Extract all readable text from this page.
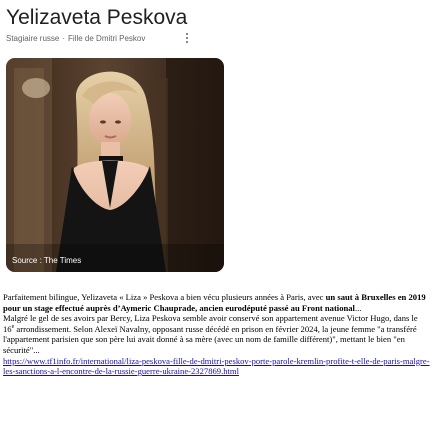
Yelizaveta Peskova
Stagiaire russe · Fille de Dmitri Peskov
Source : The Times

Parfaitement bilingue, Yelizaveta « Liza » Peskova a bien vécu plusieurs années à Paris, avec un saut à Bruxelles en 2019 pour un stage effectué auprès d’Aymeric Chauprade, ancien eurodéputé passé au Front national...

Malgré le gel de ses avoirs par Bercy, Liza Peskova semble avoir conservé son appartement avenue Victor Hugo, dans le 16e arrondissement. Selon Alexeï Navalny, opposant russe décédé en prison en février 2024, la jeune femme "a transféré l'appartement parisien que son père lui avait donné à sa mère (avec un nom de famille différent)", mettant le bien "en sécurité"...

https://www.tf1info.fr/international/liza-peskova-fille-de-dmitri-peskov-porte-parole-kremlin-profite-t-elle-de-paris-malgre-les-sanctions-a-l-encontre-de-la-russie-guerre-ukraine-2327869.html
